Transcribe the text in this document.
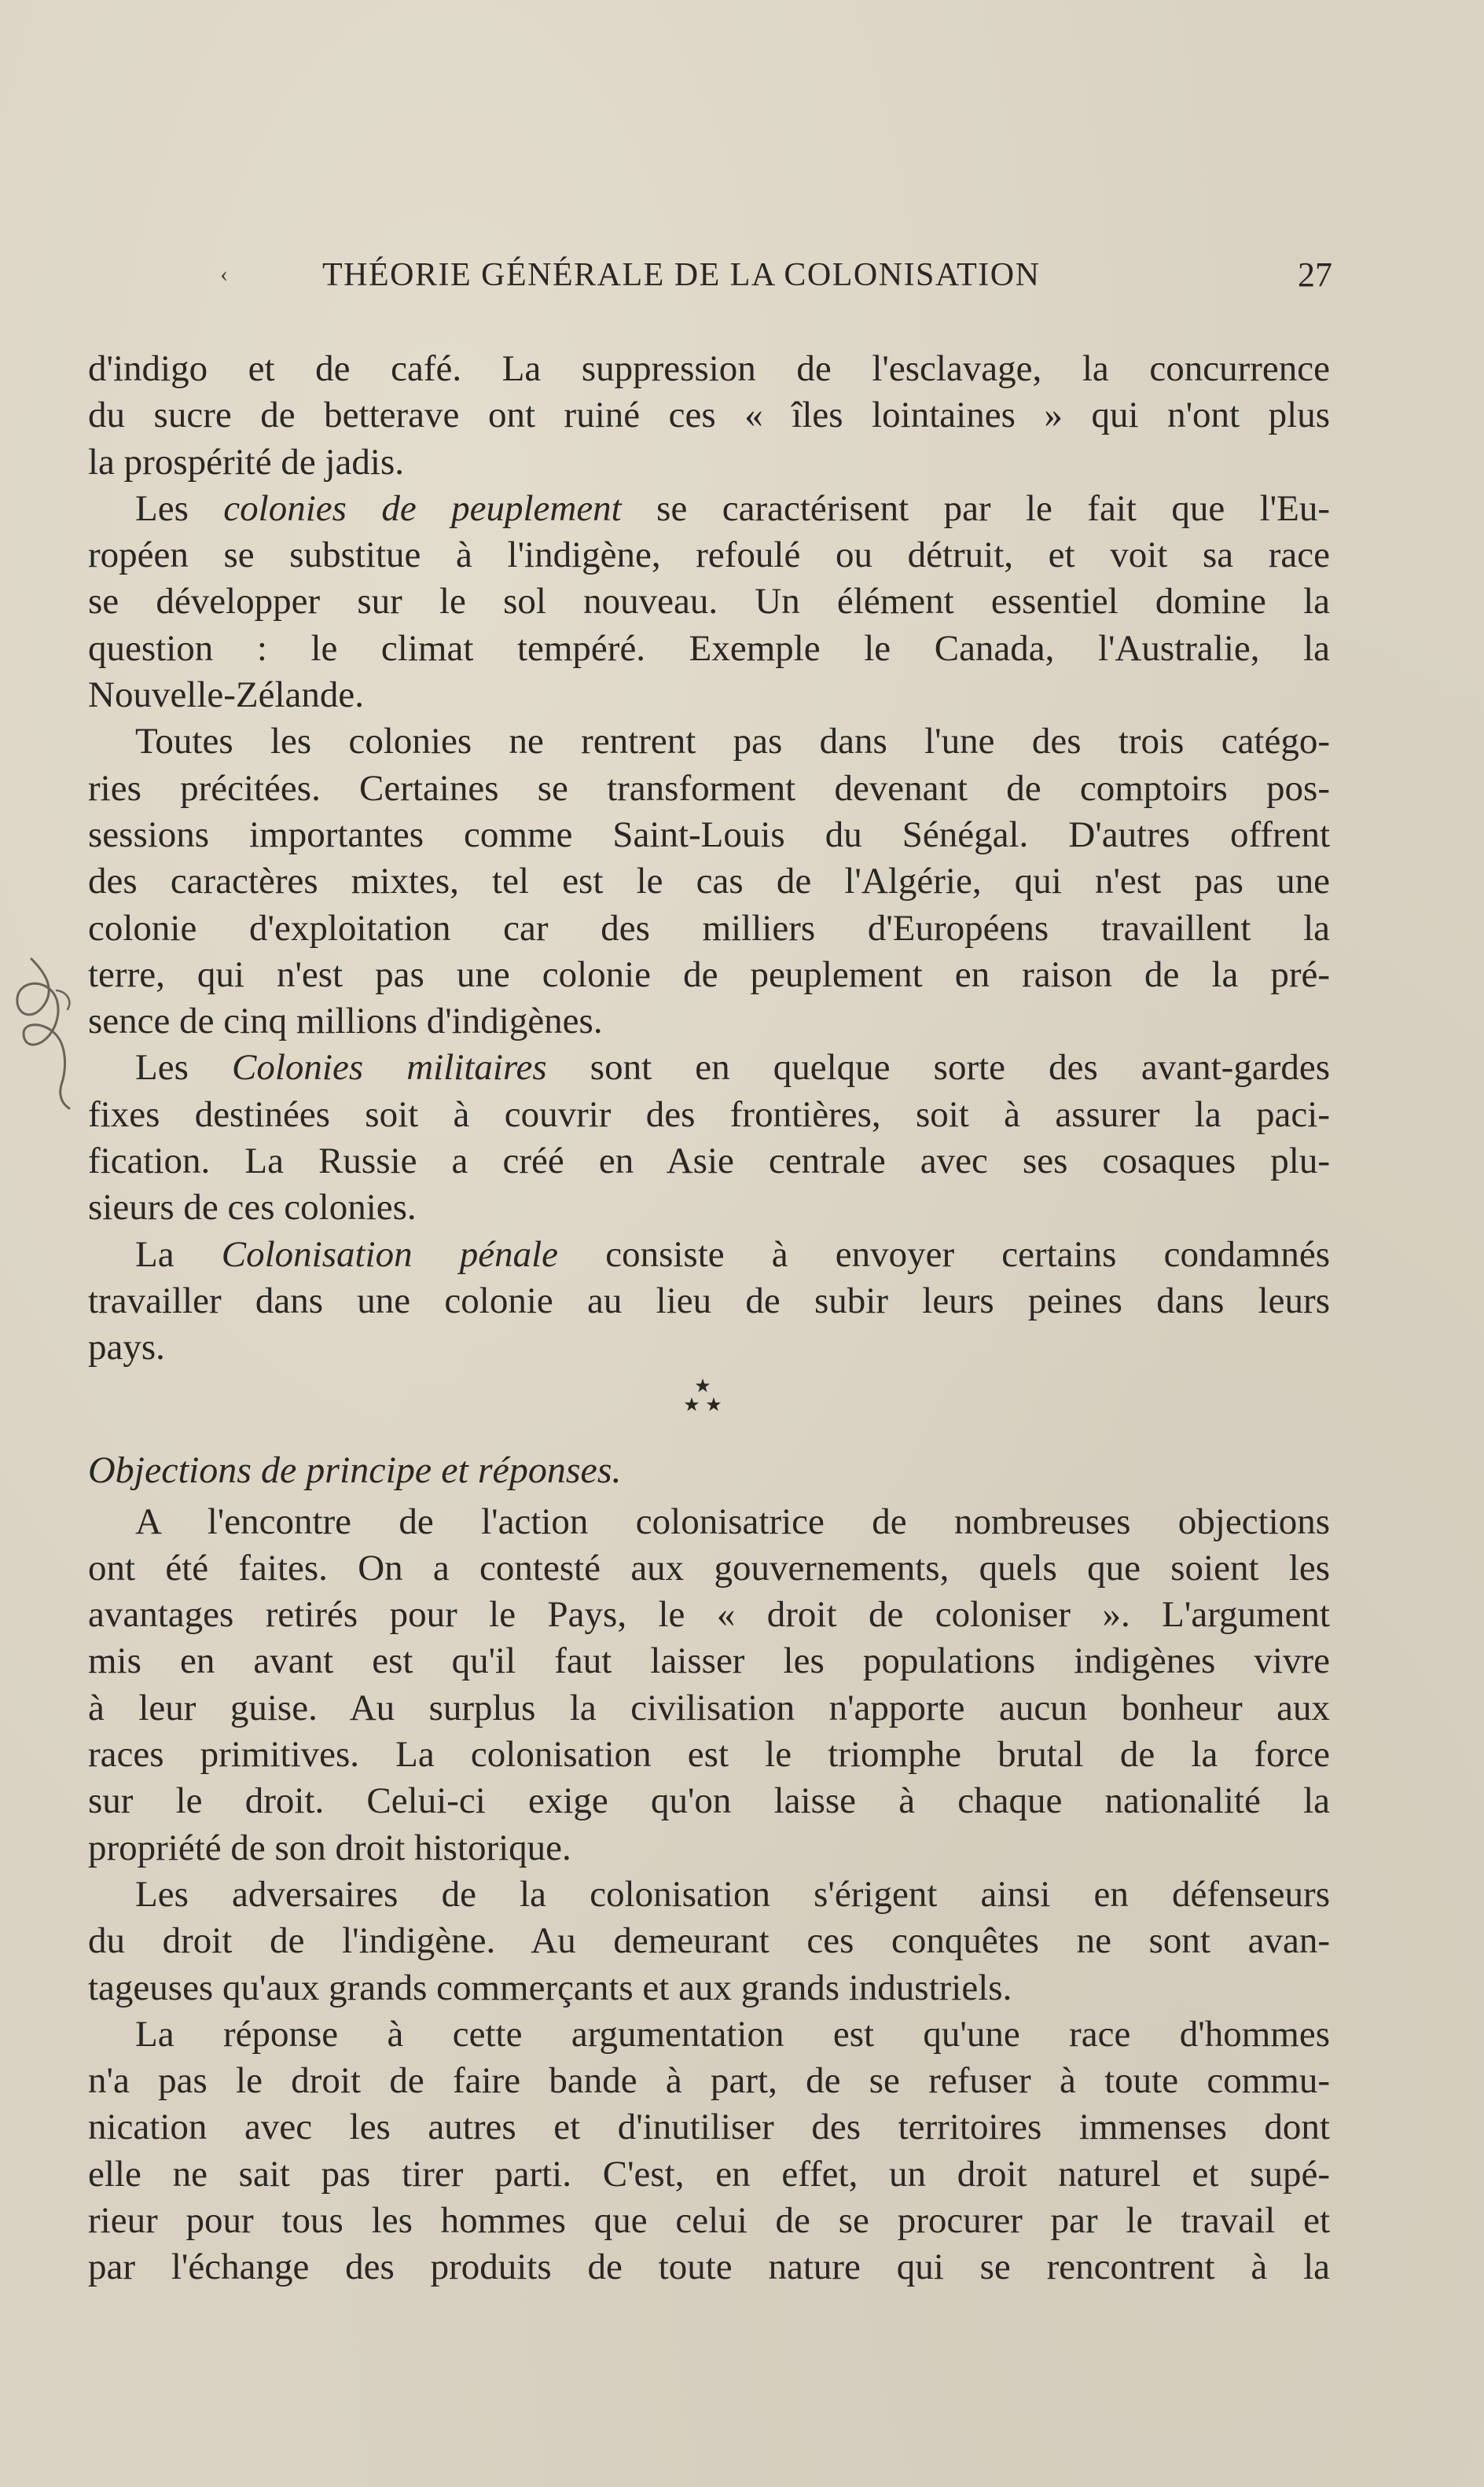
‹	THÉORIE GÉNÉRALE DE LA COLONISATION	27
d'indigo et de café. La suppression de l'esclavage, la concurrence
du sucre de betterave ont ruiné ces « îles lointaines » qui n'ont plus
la prospérité de jadis.
Les colonies de peuplement se caractérisent par le fait que l'Eu-
ropéen se substitue à l'indigène, refoulé ou détruit, et voit sa race
se développer sur le sol nouveau. Un élément essentiel domine la
question : le climat tempéré. Exemple le Canada, l'Australie, la
Nouvelle-Zélande.
Toutes les colonies ne rentrent pas dans l'une des trois catégo-
ries précitées. Certaines se transforment devenant de comptoirs pos-
sessions importantes comme Saint-Louis du Sénégal. D'autres offrent
des caractères mixtes, tel est le cas de l'Algérie, qui n'est pas une
colonie d'exploitation car des milliers d'Européens travaillent la
terre, qui n'est pas une colonie de peuplement en raison de la pré-
sence de cinq millions d'indigènes.
Les Colonies militaires sont en quelque sorte des avant-gardes
fixes destinées soit à couvrir des frontières, soit à assurer la paci-
fication. La Russie a créé en Asie centrale avec ses cosaques plu-
sieurs de ces colonies.
La Colonisation pénale consiste à envoyer certains condamnés
travailler dans une colonie au lieu de subir leurs peines dans leurs
pays.
★
★ ★
Objections de principe et réponses.
A l'encontre de l'action colonisatrice de nombreuses objections
ont été faites. On a contesté aux gouvernements, quels que soient les
avantages retirés pour le Pays, le « droit de coloniser ». L'argument
mis en avant est qu'il faut laisser les populations indigènes vivre
à leur guise. Au surplus la civilisation n'apporte aucun bonheur aux
races primitives. La colonisation est le triomphe brutal de la force
sur le droit. Celui-ci exige qu'on laisse à chaque nationalité la
propriété de son droit historique.
Les adversaires de la colonisation s'érigent ainsi en défenseurs
du droit de l'indigène. Au demeurant ces conquêtes ne sont avan-
tageuses qu'aux grands commerçants et aux grands industriels.
La réponse à cette argumentation est qu'une race d'hommes
n'a pas le droit de faire bande à part, de se refuser à toute commu-
nication avec les autres et d'inutiliser des territoires immenses dont
elle ne sait pas tirer parti. C'est, en effet, un droit naturel et supé-
rieur pour tous les hommes que celui de se procurer par le travail et
par l'échange des produits de toute nature qui se rencontrent à la
